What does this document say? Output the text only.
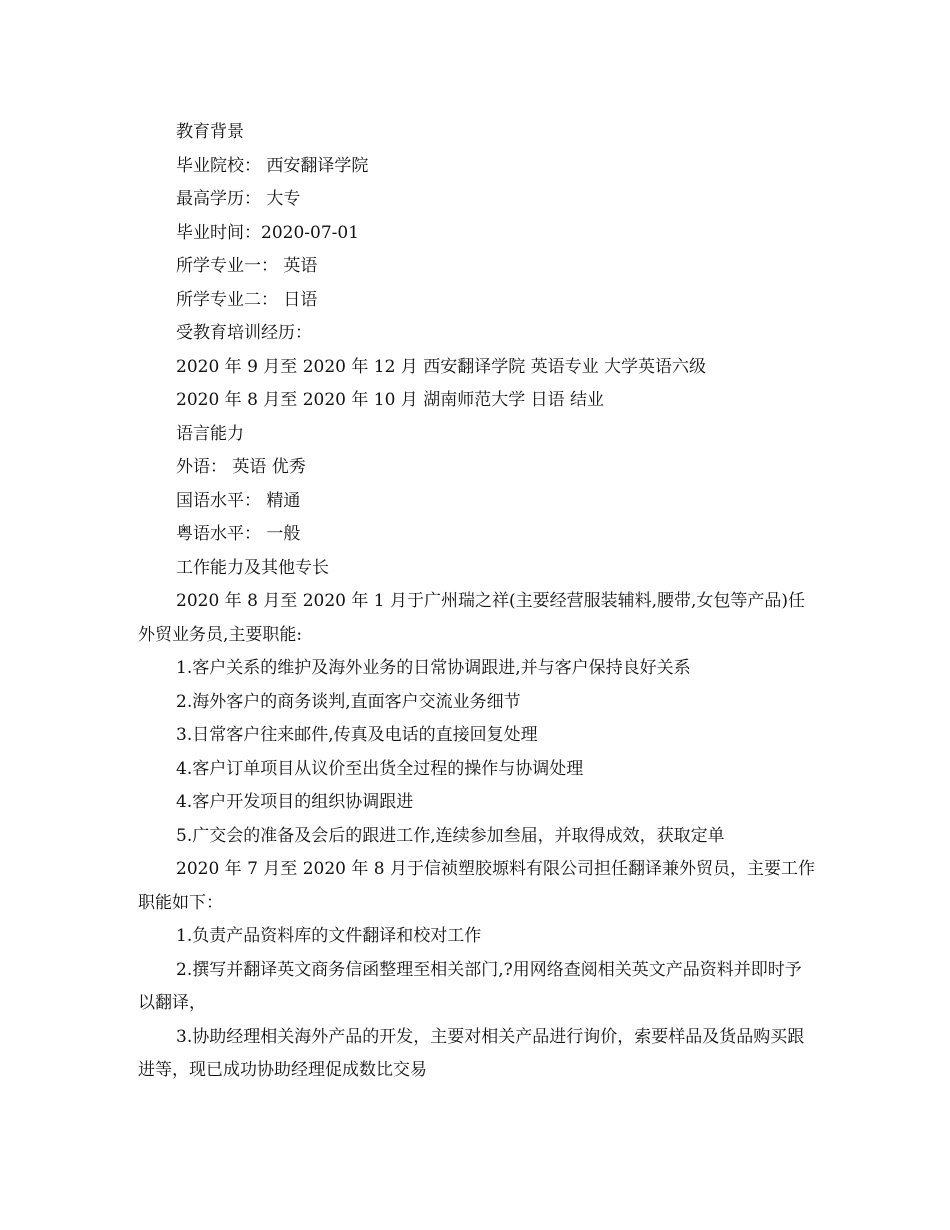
教育背景
毕业院校： 西安翻译学院
最高学历： 大专
毕业时间：2020-07-01
所学专业一： 英语
所学专业二： 日语
受教育培训经历：
2020 年 9 月至 2020 年 12 月 西安翻译学院 英语专业 大学英语六级
2020 年 8 月至 2020 年 10 月 湖南师范大学 日语 结业
语言能力
外语： 英语 优秀
国语水平： 精通
粤语水平： 一般
工作能力及其他专长
2020 年 8 月至 2020 年 1 月于广州瑞之祥(主要经营服装辅料,腰带,女包等产品)任外贸业务员,主要职能:
1.客户关系的维护及海外业务的日常协调跟进,并与客户保持良好关系
2.海外客户的商务谈判,直面客户交流业务细节
3.日常客户往来邮件,传真及电话的直接回复处理
4.客户订单项目从议价至出货全过程的操作与协调处理
4.客户开发项目的组织协调跟进
5.广交会的准备及会后的跟进工作,连续参加叁届，并取得成效，获取定单
2020 年 7 月至 2020 年 8 月于信祯塑胶塬料有限公司担任翻译兼外贸员，主要工作职能如下：
1.负责产品资料库的文件翻译和校对工作
2.撰写并翻译英文商务信函整理至相关部门,?用网络查阅相关英文产品资料并即时予以翻译，
3.协助经理相关海外产品的开发，主要对相关产品进行询价，索要样品及货品购买跟进等，现已成功协助经理促成数比交易
